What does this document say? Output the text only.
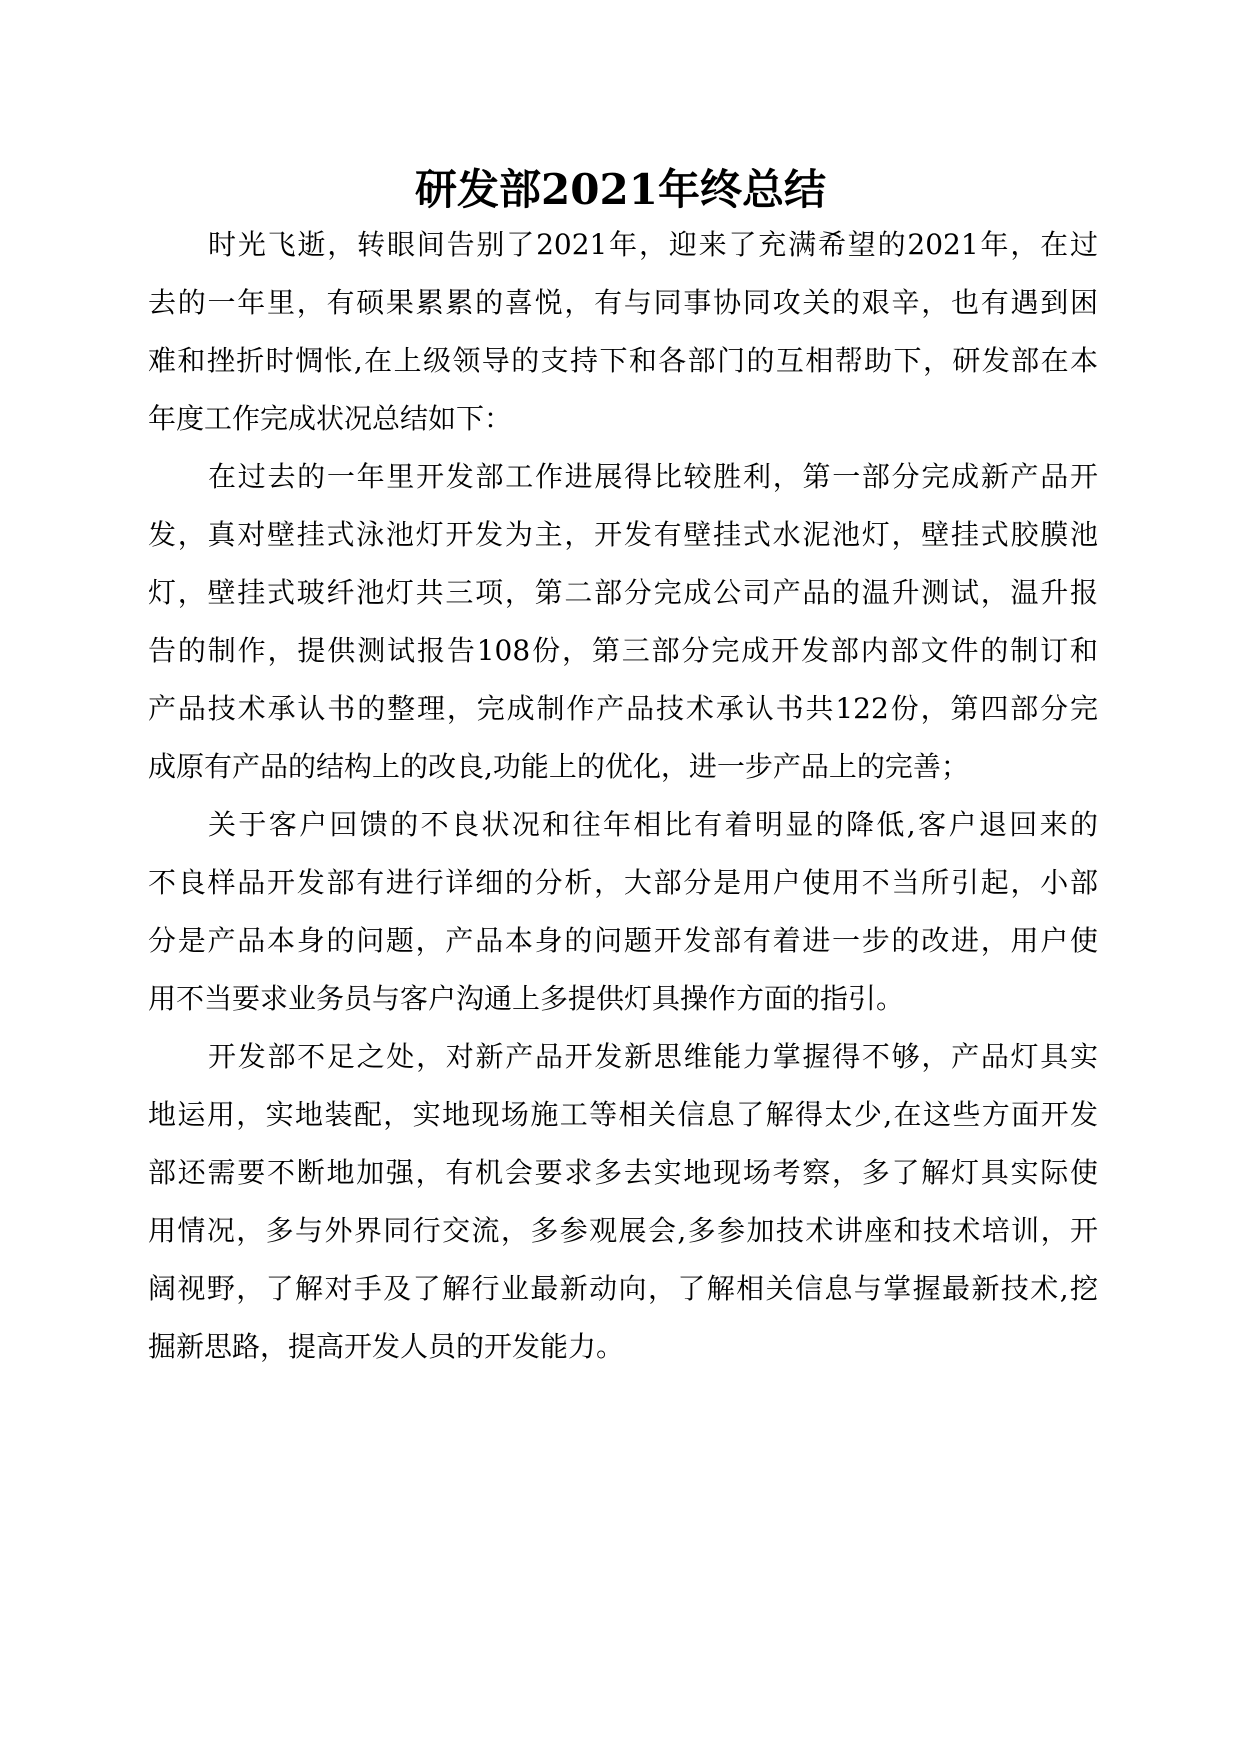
研发部2021年终总结
时光飞逝，转眼间告别了2021年，迎来了充满希望的2021年，在过
去的一年里，有硕果累累的喜悦，有与同事协同攻关的艰辛，也有遇到困
难和挫折时惆怅,在上级领导的支持下和各部门的互相帮助下，研发部在本
年度工作完成状况总结如下：
在过去的一年里开发部工作进展得比较胜利，第一部分完成新产品开
发，真对壁挂式泳池灯开发为主，开发有壁挂式水泥池灯，壁挂式胶膜池
灯，壁挂式玻纤池灯共三项，第二部分完成公司产品的温升测试，温升报
告的制作，提供测试报告108份，第三部分完成开发部内部文件的制订和
产品技术承认书的整理，完成制作产品技术承认书共122份，第四部分完
成原有产品的结构上的改良,功能上的优化，进一步产品上的完善；
关于客户回馈的不良状况和往年相比有着明显的降低,客户退回来的
不良样品开发部有进行详细的分析，大部分是用户使用不当所引起，小部
分是产品本身的问题，产品本身的问题开发部有着进一步的改进，用户使
用不当要求业务员与客户沟通上多提供灯具操作方面的指引。
开发部不足之处，对新产品开发新思维能力掌握得不够，产品灯具实
地运用，实地装配，实地现场施工等相关信息了解得太少,在这些方面开发
部还需要不断地加强，有机会要求多去实地现场考察，多了解灯具实际使
用情况，多与外界同行交流，多参观展会,多参加技术讲座和技术培训，开
阔视野，了解对手及了解行业最新动向，了解相关信息与掌握最新技术,挖
掘新思路，提高开发人员的开发能力。
